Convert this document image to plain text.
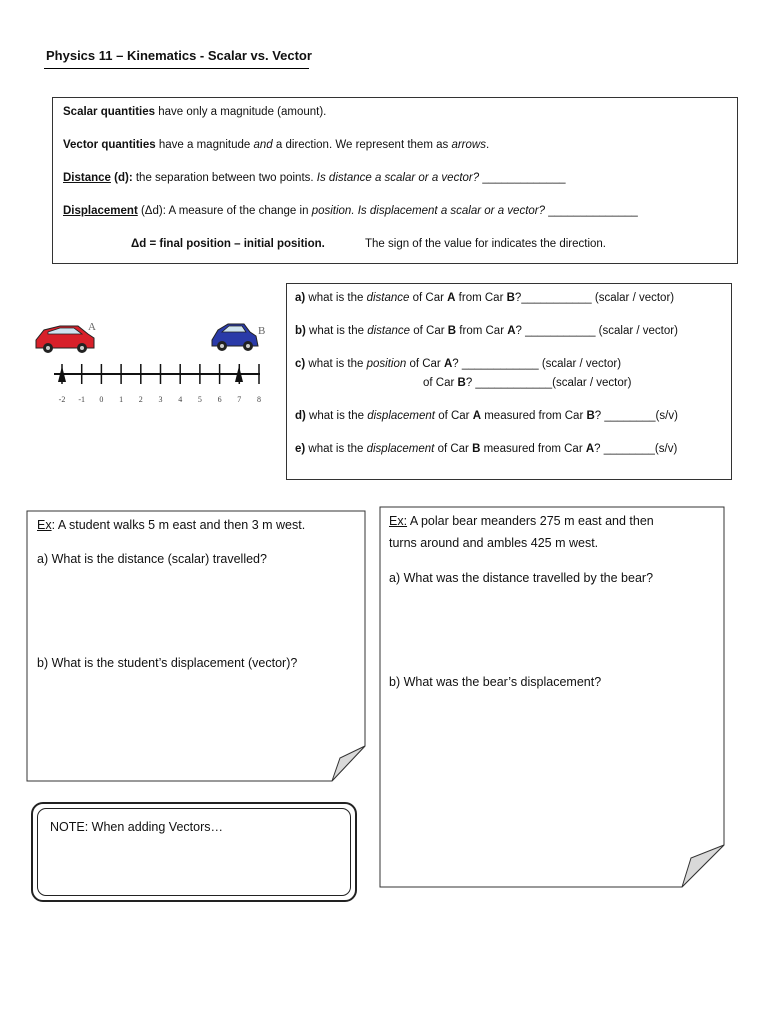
Physics 11 – Kinematics - Scalar vs. Vector
Scalar quantities have only a magnitude (amount).
Vector quantities have a magnitude and a direction. We represent them as arrows.
Distance (d): the separation between two points. Is distance a scalar or a vector? _____________
Displacement (Δd): A measure of the change in position. Is displacement a scalar or a vector? ______________
Δd = final position – initial position.	The sign of the value for indicates the direction.
A	B
-2 -1 0 1 2 3 4 5 6 7 8
a) what is the distance of Car A from Car B?___________ (scalar / vector)
b) what is the distance of Car B from Car A? ___________ (scalar / vector)
c) what is the position of Car A? ____________ (scalar / vector)
of Car B? ____________(scalar / vector)
d) what is the displacement of Car A measured from Car B? ________(s/v)
e) what is the displacement of Car B measured from Car A? ________(s/v)
Ex: A student walks 5 m east and then 3 m west.
a) What is the distance (scalar) travelled?
b) What is the student’s displacement (vector)?
Ex: A polar bear meanders 275 m east and then
turns around and ambles 425 m west.
a) What was the distance travelled by the bear?
b) What was the bear’s displacement?
NOTE: When adding Vectors…
